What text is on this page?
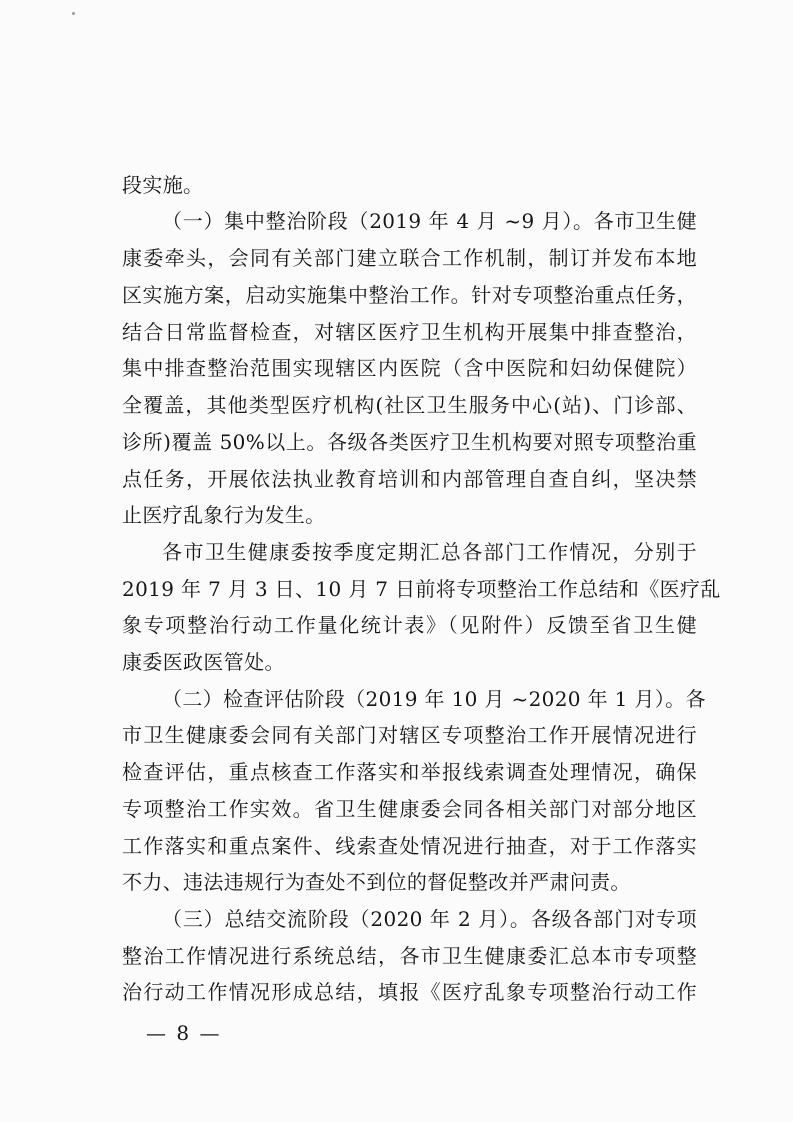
段实施。
（一）集中整治阶段（2019 年 4 月 ~9 月）。各市卫生健
康委牵头，会同有关部门建立联合工作机制，制订并发布本地
区实施方案，启动实施集中整治工作。针对专项整治重点任务，
结合日常监督检查，对辖区医疗卫生机构开展集中排查整治，
集中排查整治范围实现辖区内医院（含中医院和妇幼保健院）
全覆盖，其他类型医疗机构(社区卫生服务中心(站)、门诊部、
诊所)覆盖 50%以上。各级各类医疗卫生机构要对照专项整治重
点任务，开展依法执业教育培训和内部管理自查自纠，坚决禁
止医疗乱象行为发生。
各市卫生健康委按季度定期汇总各部门工作情况，分别于
2019 年 7 月 3 日、10 月 7 日前将专项整治工作总结和《医疗乱
象专项整治行动工作量化统计表》（见附件）反馈至省卫生健
康委医政医管处。
（二）检查评估阶段（2019 年 10 月 ~2020 年 1 月）。各
市卫生健康委会同有关部门对辖区专项整治工作开展情况进行
检查评估，重点核查工作落实和举报线索调查处理情况，确保
专项整治工作实效。省卫生健康委会同各相关部门对部分地区
工作落实和重点案件、线索查处情况进行抽查，对于工作落实
不力、违法违规行为查处不到位的督促整改并严肃问责。
（三）总结交流阶段（2020 年 2 月）。各级各部门对专项
整治工作情况进行系统总结，各市卫生健康委汇总本市专项整
治行动工作情况形成总结，填报《医疗乱象专项整治行动工作
— 8 —
